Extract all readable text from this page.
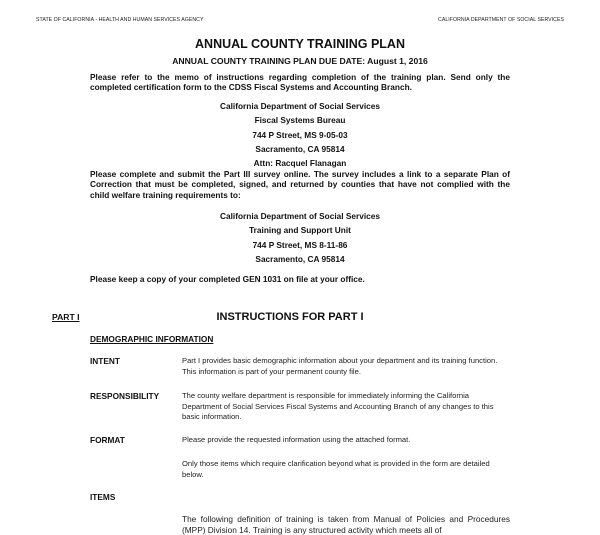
STATE OF CALIFORNIA - HEALTH AND HUMAN SERVICES AGENCY	CALIFORNIA DEPARTMENT OF SOCIAL SERVICES
ANNUAL COUNTY TRAINING PLAN
ANNUAL COUNTY TRAINING PLAN DUE DATE: August 1, 2016
Please refer to the memo of instructions regarding completion of the training plan. Send only the completed certification form to the CDSS Fiscal Systems and Accounting Branch.
California Department of Social Services
Fiscal Systems Bureau
744 P Street, MS 9-05-03
Sacramento, CA 95814
Attn: Racquel Flanagan
Please complete and submit the Part III survey online. The survey includes a link to a separate Plan of Correction that must be completed, signed, and returned by counties that have not complied with the child welfare training requirements to:
California Department of Social Services
Training and Support Unit
744 P Street, MS 8-11-86
Sacramento, CA 95814
Please keep a copy of your completed GEN 1031 on file at your office.
PART I	INSTRUCTIONS FOR PART I
DEMOGRAPHIC INFORMATION
INTENT	Part I provides basic demographic information about your department and its training function. This information is part of your permanent county file.
RESPONSIBILITY	The county welfare department is responsible for immediately informing the California Department of Social Services Fiscal Systems and Accounting Branch of any changes to this basic information.
FORMAT	Please provide the requested information using the attached format.
Only those items which require clarification beyond what is provided in the form are detailed below.
ITEMS
The following definition of training is taken from Manual of Policies and Procedures (MPP) Division 14. Training is any structured activity which meets all of
